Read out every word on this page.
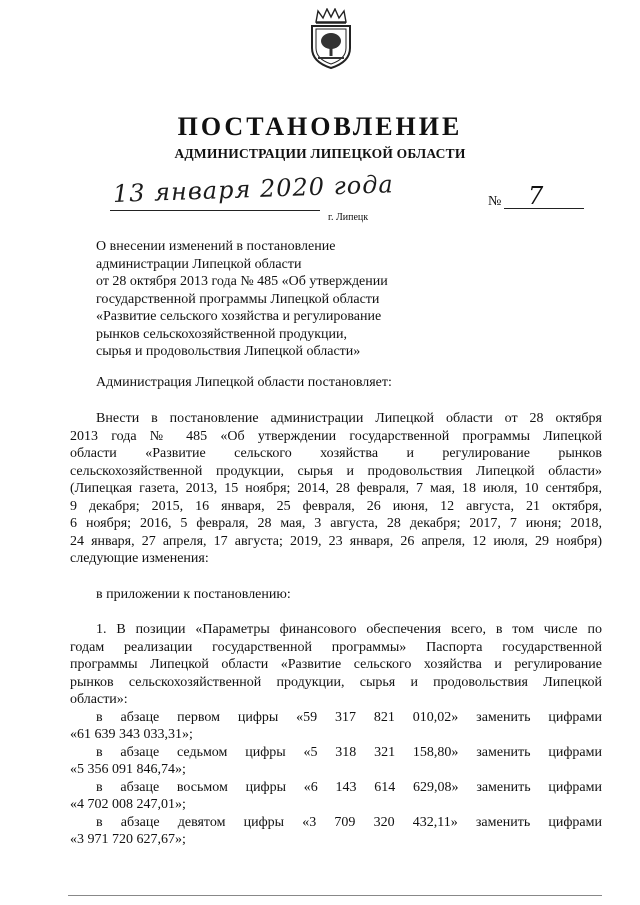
ПОСТАНОВЛЕНИЕ
АДМИНИСТРАЦИИ ЛИПЕЦКОЙ ОБЛАСТИ
13 января 2020 года
г. Липецк
№ 7
О внесении изменений в постановление
администрации Липецкой области
от 28 октября 2013 года № 485 «Об утверждении
государственной программы Липецкой области
«Развитие сельского хозяйства и регулирование
рынков сельскохозяйственной продукции,
сырья и продовольствия Липецкой области»
Администрация Липецкой области постановляет:
Внести в постановление администрации Липецкой области от 28 октября
2013 года № 485 «Об утверждении государственной программы Липецкой
области «Развитие сельского хозяйства и регулирование рынков
сельскохозяйственной продукции, сырья и продовольствия Липецкой области»
(Липецкая газета, 2013, 15 ноября; 2014, 28 февраля, 7 мая, 18 июля, 10 сентября,
9 декабря; 2015, 16 января, 25 февраля, 26 июня, 12 августа, 21 октября,
6 ноября; 2016, 5 февраля, 28 мая, 3 августа, 28 декабря; 2017, 7 июня; 2018,
24 января, 27 апреля, 17 августа; 2019, 23 января, 26 апреля, 12 июля, 29 ноября)
следующие изменения:
в приложении к постановлению:
1. В позиции «Параметры финансового обеспечения всего, в том числе по
годам реализации государственной программы» Паспорта государственной
программы Липецкой области «Развитие сельского хозяйства и регулирование
рынков сельскохозяйственной продукции, сырья и продовольствия Липецкой
области»:
в абзаце первом цифры «59 317 821 010,02» заменить цифрами
«61 639 343 033,31»;
в абзаце седьмом цифры «5 318 321 158,80» заменить цифрами
«5 356 091 846,74»;
в абзаце восьмом цифры «6 143 614 629,08» заменить цифрами
«4 702 008 247,01»;
в абзаце девятом цифры «3 709 320 432,11» заменить цифрами
«3 971 720 627,67»;
